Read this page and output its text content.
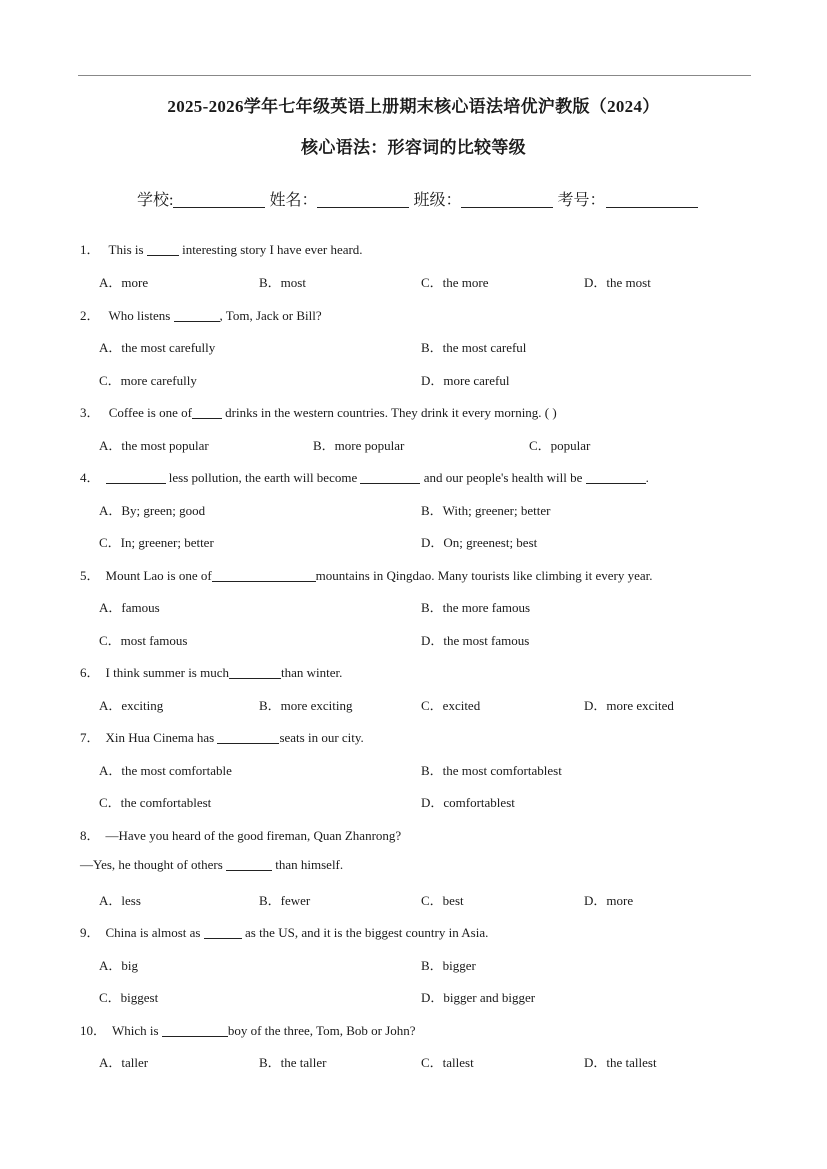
2025-2026学年七年级英语上册期末核心语法培优沪教版（2024）
核心语法：形容词的比较等级
学校:	姓名：	班级：	考号：
1． This is	interesting story I have ever heard.
A．more	B．most	C．the more	D．the most
2． Who listens	, Tom, Jack or Bill?
A．the most carefully	B．the most careful
C．more carefully	D．more careful
3． Coffee is one of	drinks in the western countries. They drink it every morning. ( )
A．the most popular	B．more popular	C．popular
4．	less pollution, the earth will become	and our people's health will be	.
A．By; green; good	B．With; greener; better
C．In; greener; better	D．On; greenest; best
5． Mount Lao is one of	mountains in Qingdao. Many tourists like climbing it every year.
A．famous	B．the more famous
C．most famous	D．the most famous
6． I think summer is much	than winter.
A．exciting	B．more exciting	C．excited	D．more excited
7． Xin Hua Cinema has	seats in our city.
A．the most comfortable	B．the most comfortablest
C．the comfortablest	D．comfortablest
8． —Have you heard of the good fireman, Quan Zhanrong?
—Yes, he thought of others	than himself.
A．less	B．fewer	C．best	D．more
9． China is almost as	as the US, and it is the biggest country in Asia.
A．big	B．bigger
C．biggest	D．bigger and bigger
10． Which is	boy of the three, Tom, Bob or John?
A．taller	B．the taller	C．tallest	D．the tallest
